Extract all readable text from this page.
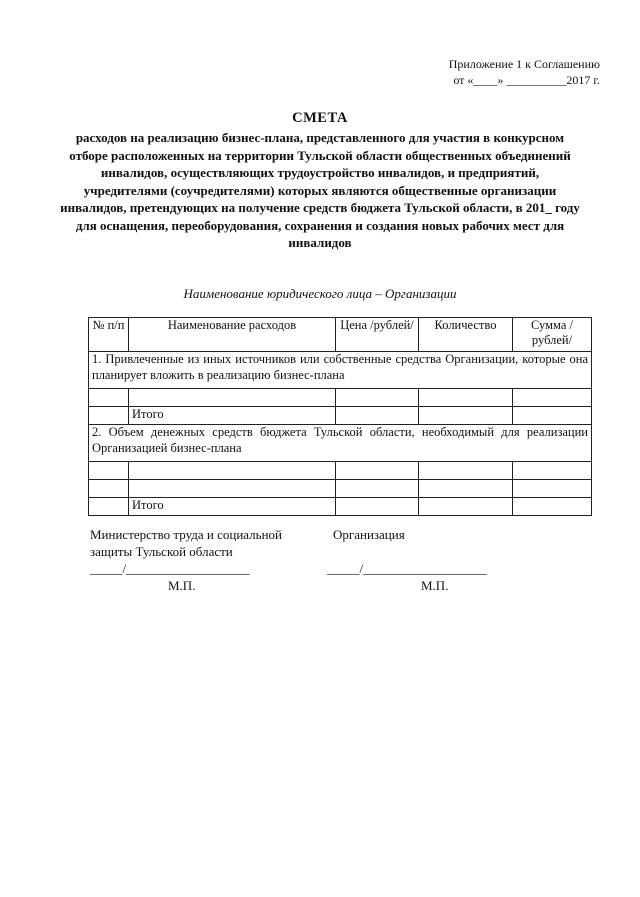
Приложение 1 к Соглашению
от «____» __________2017 г.
СМЕТА
расходов на реализацию бизнес-плана, представленного для участия в конкурсном отборе расположенных на территории Тульской области общественных объединений инвалидов, осуществляющих трудоустройство инвалидов, и предприятий, учредителями (соучредителями) которых являются общественные организации инвалидов, претендующих на получение средств бюджета Тульской области, в 201_ году для оснащения, переоборудования, сохранения и создания новых рабочих мест для инвалидов
Наименование юридического лица – Организации
№ п/п	Наименование расходов	Цена /рублей/	Количество	Сумма /рублей/
1. Привлеченные из иных источников или собственные средства Организации, которые она планирует вложить в реализацию бизнес-плана				

	Итого			
2. Объем денежных средств бюджета Тульской области, необходимый для реализации Организацией бизнес-плана				

	Итого			
Министерство труда и социальной защиты Тульской области
Организация
_____/___________________	_____/___________________
М.П.	М.П.
